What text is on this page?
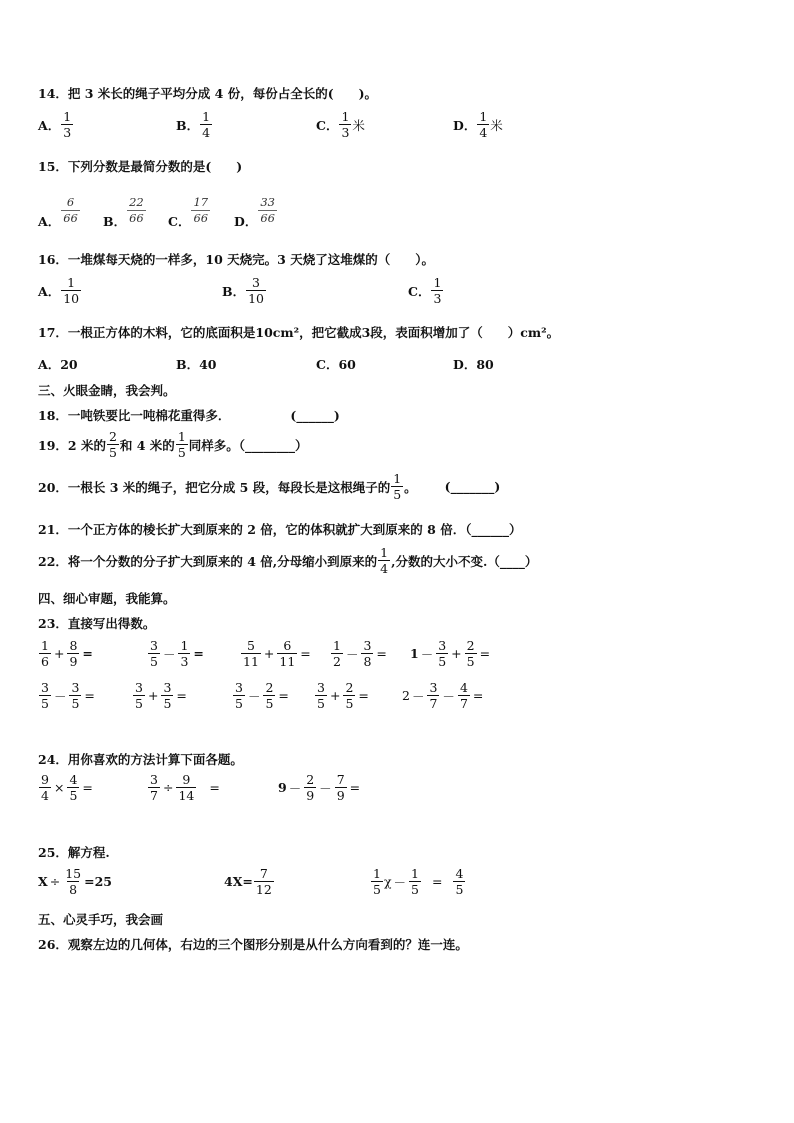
14．把 3 米长的绳子平均分成 4 份，每份占全长的(　　)。
A． $\frac{1}{3}$	B． $\frac{1}{4}$	C． $\frac{1}{3}$ 米	D． $\frac{1}{4}$ 米
15．下列分数是最简分数的是(　　)
A． $\frac{6}{66}$ B． $\frac{22}{66}$ C． $\frac{17}{66}$ D． $\frac{33}{66}$
16．一堆煤每天烧的一样多，10 天烧完。3 天烧了这堆煤的（　　）。
A． $\frac{1}{10}$	B． $\frac{3}{10}$	C． $\frac{1}{3}$
17．一根正方体的木料，它的底面积是10cm²，把它截成3段，表面积增加了（　　）cm²。
A．20	B．40	C．60	D．80
三、火眼金睛，我会判。
18．一吨铁要比一吨棉花重得多．	(______)
19．2 米的 $\frac{2}{5}$ 和 4 米的 $\frac{1}{5}$ 同样多。（________）
20．一根长 3 米的绳子，把它分成 5 段，每段长是这根绳子的 $\frac{1}{5}$ 。 (_______)
21．一个正方体的棱长扩大到原来的 2 倍，它的体积就扩大到原来的 8 倍．（______）
22．将一个分数的分子扩大到原来的 4 倍,分母缩小到原来的 $\frac{1}{4}$ ,分数的大小不变.（____）
四、细心审题，我能算。
23．直接写出得数。
$\frac{1}{6} + \frac{8}{9}$ =	$\frac{3}{5} - \frac{1}{3}$ =	$\frac{5}{11} + \frac{6}{11} = \frac{1}{2} - \frac{3}{8} = 1 - \frac{3}{5} + \frac{2}{5}$ =
$\frac{3}{5} - \frac{3}{5}$ =	$\frac{3}{5} + \frac{3}{5}$ =	$\frac{3}{5} - \frac{2}{5} = \frac{3}{5} + \frac{2}{5}$ =	$2 - \frac{3}{7} - \frac{4}{7}$ =
24．用你喜欢的方法计算下面各题。
$\frac{9}{4} \times \frac{4}{5}$ =	$\frac{3}{7} \div \frac{9}{14}$ =	$9 - \frac{2}{9} - \frac{7}{9}$ =
25．解方程.
$X \div \frac{15}{8} =25$	$4X= \frac{7}{12}$	$\frac{1}{5}$ $\chi - \frac{1}{5} = \frac{4}{5}$
五、心灵手巧，我会画
26．观察左边的几何体，右边的三个图形分别是从什么方向看到的？连一连。
